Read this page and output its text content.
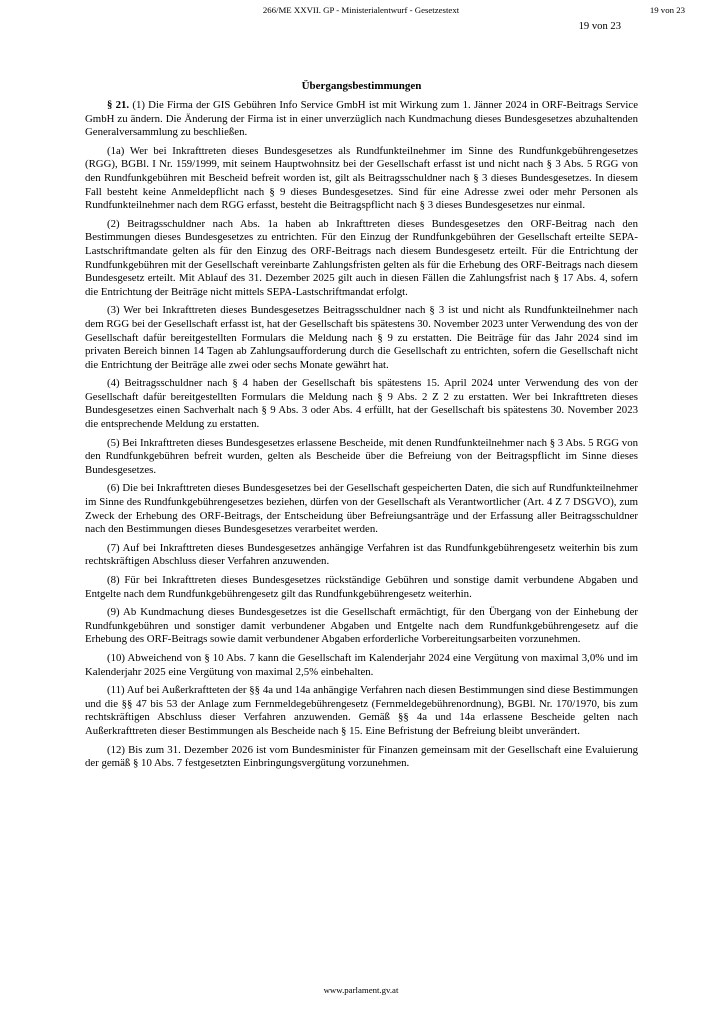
266/ME XXVII. GP - Ministerialentwurf - Gesetzestext	19 von 23
19 von 23
Übergangsbestimmungen

§ 21. (1) Die Firma der GIS Gebühren Info Service GmbH ist mit Wirkung zum 1. Jänner 2024 in ORF-Beitrags Service GmbH zu ändern. Die Änderung der Firma ist in einer unverzüglich nach Kundmachung dieses Bundesgesetzes abzuhaltenden Generalversammlung zu beschließen.

(1a) Wer bei Inkrafttreten dieses Bundesgesetzes als Rundfunkteilnehmer im Sinne des Rundfunkgebührengesetzes (RGG), BGBl. I Nr. 159/1999, mit seinem Hauptwohnsitz bei der Gesellschaft erfasst ist und nicht nach § 3 Abs. 5 RGG von den Rundfunkgebühren mit Bescheid befreit worden ist, gilt als Beitragsschuldner nach § 3 dieses Bundesgesetzes. In diesem Fall besteht keine Anmeldepflicht nach § 9 dieses Bundesgesetzes. Sind für eine Adresse zwei oder mehr Personen als Rundfunkteilnehmer nach dem RGG erfasst, besteht die Beitragspflicht nach § 3 dieses Bundesgesetzes nur einmal.

(2) Beitragsschuldner nach Abs. 1a haben ab Inkrafttreten dieses Bundesgesetzes den ORF-Beitrag nach den Bestimmungen dieses Bundesgesetzes zu entrichten. Für den Einzug der Rundfunkgebühren der Gesellschaft erteilte SEPA-Lastschriftmandate gelten als für den Einzug des ORF-Beitrags nach diesem Bundesgesetz erteilt. Für die Entrichtung der Rundfunkgebühren mit der Gesellschaft vereinbarte Zahlungsfristen gelten als für die Erhebung des ORF-Beitrags nach diesem Bundesgesetz erteilt. Mit Ablauf des 31. Dezember 2025 gilt auch in diesen Fällen die Zahlungsfrist nach § 17 Abs. 4, sofern die Entrichtung der Beiträge nicht mittels SEPA-Lastschriftmandat erfolgt.

(3) Wer bei Inkrafttreten dieses Bundesgesetzes Beitragsschuldner nach § 3 ist und nicht als Rundfunkteilnehmer nach dem RGG bei der Gesellschaft erfasst ist, hat der Gesellschaft bis spätestens 30. November 2023 unter Verwendung des von der Gesellschaft dafür bereitgestellten Formulars die Meldung nach § 9 zu erstatten. Die Beiträge für das Jahr 2024 sind im privaten Bereich binnen 14 Tagen ab Zahlungsaufforderung durch die Gesellschaft zu entrichten, sofern die Gesellschaft nicht die Entrichtung der Beiträge alle zwei oder sechs Monate gewährt hat.

(4) Beitragsschuldner nach § 4 haben der Gesellschaft bis spätestens 15. April 2024 unter Verwendung des von der Gesellschaft dafür bereitgestellten Formulars die Meldung nach § 9 Abs. 2 Z 2 zu erstatten. Wer bei Inkrafttreten dieses Bundesgesetzes einen Sachverhalt nach § 9 Abs. 3 oder Abs. 4 erfüllt, hat der Gesellschaft bis spätestens 30. November 2023 die entsprechende Meldung zu erstatten.

(5) Bei Inkrafttreten dieses Bundesgesetzes erlassene Bescheide, mit denen Rundfunkteilnehmer nach § 3 Abs. 5 RGG von den Rundfunkgebühren befreit wurden, gelten als Bescheide über die Befreiung von der Beitragspflicht im Sinne dieses Bundesgesetzes.

(6) Die bei Inkrafttreten dieses Bundesgesetzes bei der Gesellschaft gespeicherten Daten, die sich auf Rundfunkteilnehmer im Sinne des Rundfunkgebührengesetzes beziehen, dürfen von der Gesellschaft als Verantwortlicher (Art. 4 Z 7 DSGVO), zum Zweck der Erhebung des ORF-Beitrags, der Entscheidung über Befreiungsanträge und der Erfassung aller Beitragsschuldner nach den Bestimmungen dieses Bundesgesetzes verarbeitet werden.

(7) Auf bei Inkrafttreten dieses Bundesgesetzes anhängige Verfahren ist das Rundfunkgebührengesetz weiterhin bis zum rechtskräftigen Abschluss dieser Verfahren anzuwenden.

(8) Für bei Inkrafttreten dieses Bundesgesetzes rückständige Gebühren und sonstige damit verbundene Abgaben und Entgelte nach dem Rundfunkgebührengesetz gilt das Rundfunkgebührengesetz weiterhin.

(9) Ab Kundmachung dieses Bundesgesetzes ist die Gesellschaft ermächtigt, für den Übergang von der Einhebung der Rundfunkgebühren und sonstiger damit verbundener Abgaben und Entgelte nach dem Rundfunkgebührengesetz auf die Erhebung des ORF-Beitrags sowie damit verbundener Abgaben erforderliche Vorbereitungsarbeiten vorzunehmen.

(10) Abweichend von § 10 Abs. 7 kann die Gesellschaft im Kalenderjahr 2024 eine Vergütung von maximal 3,0% und im Kalenderjahr 2025 eine Vergütung von maximal 2,5% einbehalten.

(11) Auf bei Außerkraftteten der §§ 4a und 14a anhängige Verfahren nach diesen Bestimmungen sind diese Bestimmungen und die §§ 47 bis 53 der Anlage zum Fernmeldegebührengesetz (Fernmeldegebührenordnung), BGBl. Nr. 170/1970, bis zum rechtskräftigen Abschluss dieser Verfahren anzuwenden. Gemäß §§ 4a und 14a erlassene Bescheide gelten nach Außerkrafttreten dieser Bestimmungen als Bescheide nach § 15. Eine Befristung der Befreiung bleibt unverändert.

(12) Bis zum 31. Dezember 2026 ist vom Bundesminister für Finanzen gemeinsam mit der Gesellschaft eine Evaluierung der gemäß § 10 Abs. 7 festgesetzten Einbringungsvergütung vorzunehmen.

www.parlament.gv.at
